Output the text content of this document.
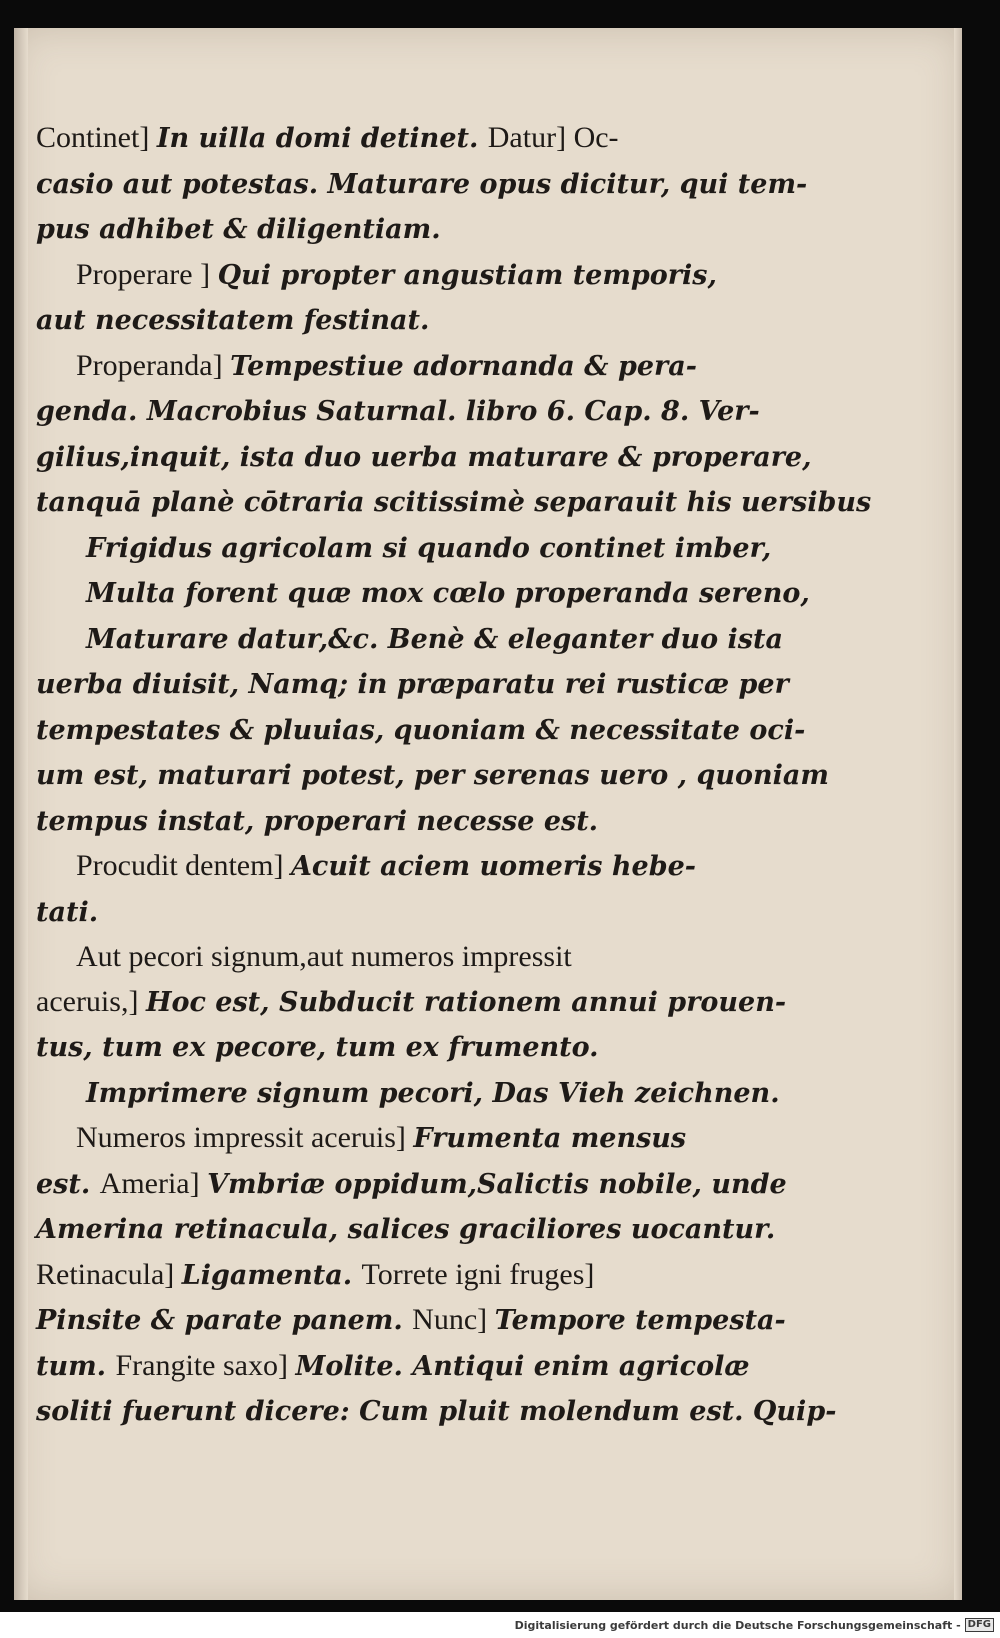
Continet] In uilla domi detinet. Datur] Oc-
casio aut potestas. Maturare opus dicitur, qui tem-
pus adhibet & diligentiam.
Properare ] Qui propter angustiam temporis,
aut necessitatem festinat.
Properanda] Tempestiue adornanda & pera-
genda. Macrobius Saturnal. libro 6. Cap. 8. Ver-
gilius,inquit, ista duo uerba maturare & properare,
tanquā planè cōtraria scitissimè separauit his uersibus
Frigidus agricolam si quando continet imber,
Multa forent quæ mox cœlo properanda sereno,
Maturare datur,&c. Benè & eleganter duo ista
uerba diuisit, Namq; in præparatu rei rusticæ per
tempestates & pluuias, quoniam & necessitate oci-
um est, maturari potest, per serenas uero , quoniam
tempus instat, properari necesse est.
Procudit dentem] Acuit aciem uomeris hebe-
tati.
Aut pecori signum,aut numeros impressit
aceruis,] Hoc est, Subducit rationem annui prouen-
tus, tum ex pecore, tum ex frumento.
Imprimere signum pecori, Das Vieh zeichnen.
Numeros impressit aceruis] Frumenta mensus
est. Ameria] Vmbriæ oppidum,Salictis nobile, unde
Amerina retinacula, salices graciliores uocantur.
Retinacula] Ligamenta. Torrete igni fruges]
Pinsite & parate panem. Nunc] Tempore tempesta-
tum. Frangite saxo] Molite. Antiqui enim agricolæ
soliti fuerunt dicere: Cum pluit molendum est. Quip-
Digitalisierung gefördert durch die Deutsche Forschungsgemeinschaft - DFG
